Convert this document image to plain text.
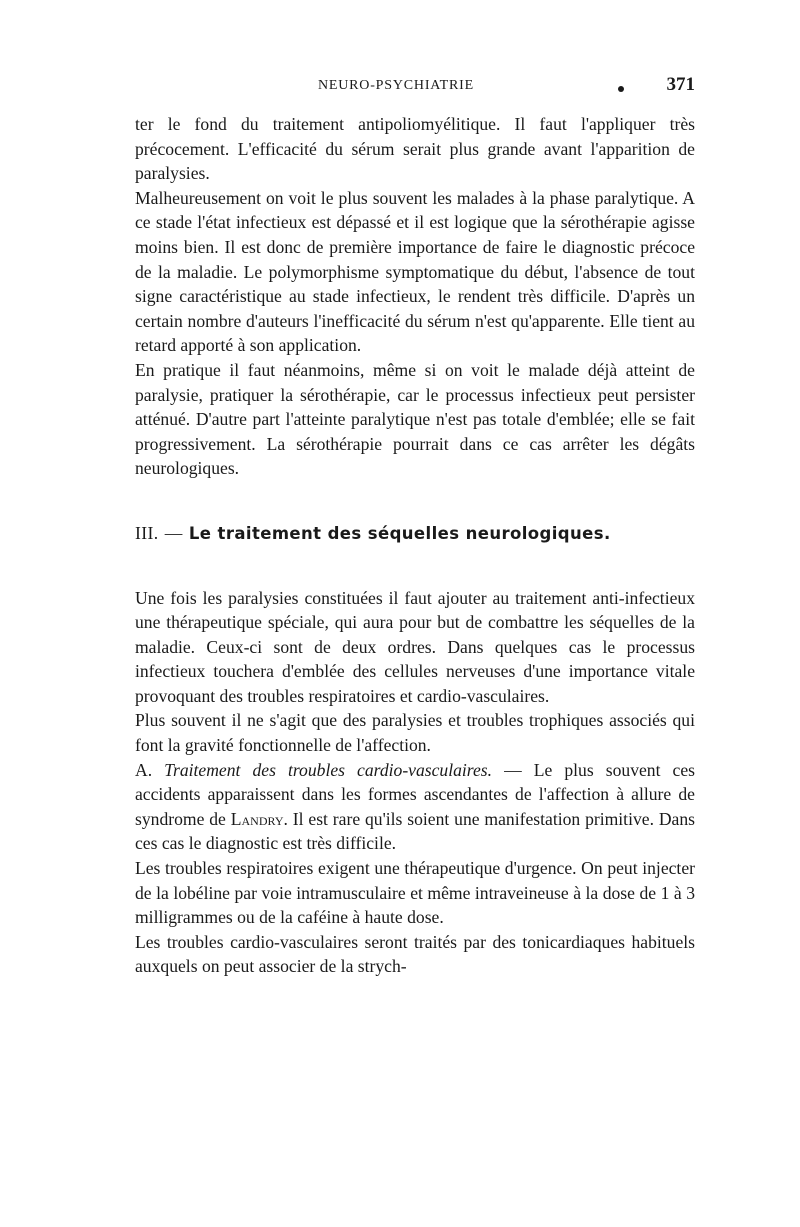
NEURO-PSYCHIATRIE	371

ter le fond du traitement antipoliomyélitique. Il faut l'appliquer très précocement. L'efficacité du sérum serait plus grande avant l'apparition de paralysies.

Malheureusement on voit le plus souvent les malades à la phase paralytique. A ce stade l'état infectieux est dépassé et il est logique que la sérothérapie agisse moins bien. Il est donc de première importance de faire le diagnostic précoce de la maladie. Le polymorphisme symptomatique du début, l'absence de tout signe caractéristique au stade infectieux, le rendent très difficile. D'après un certain nombre d'auteurs l'inefficacité du sérum n'est qu'apparente. Elle tient au retard apporté à son application.

En pratique il faut néanmoins, même si on voit le malade déjà atteint de paralysie, pratiquer la sérothérapie, car le processus infectieux peut persister atténué. D'autre part l'atteinte paralytique n'est pas totale d'emblée; elle se fait progressivement. La sérothérapie pourrait dans ce cas arrêter les dégâts neurologiques.

III. — Le traitement des séquelles neurologiques.

Une fois les paralysies constituées il faut ajouter au traitement anti-infectieux une thérapeutique spéciale, qui aura pour but de combattre les séquelles de la maladie. Ceux-ci sont de deux ordres. Dans quelques cas le processus infectieux touchera d'emblée des cellules nerveuses d'une importance vitale provoquant des troubles respiratoires et cardio-vasculaires.

Plus souvent il ne s'agit que des paralysies et troubles trophiques associés qui font la gravité fonctionnelle de l'affection.

A. Traitement des troubles cardio-vasculaires. — Le plus souvent ces accidents apparaissent dans les formes ascendantes de l'affection à allure de syndrome de Landry. Il est rare qu'ils soient une manifestation primitive. Dans ces cas le diagnostic est très difficile.

Les troubles respiratoires exigent une thérapeutique d'urgence. On peut injecter de la lobéline par voie intramusculaire et même intraveineuse à la dose de 1 à 3 milligrammes ou de la caféine à haute dose.

Les troubles cardio-vasculaires seront traités par des tonicardiaques habituels auxquels on peut associer de la strych-
